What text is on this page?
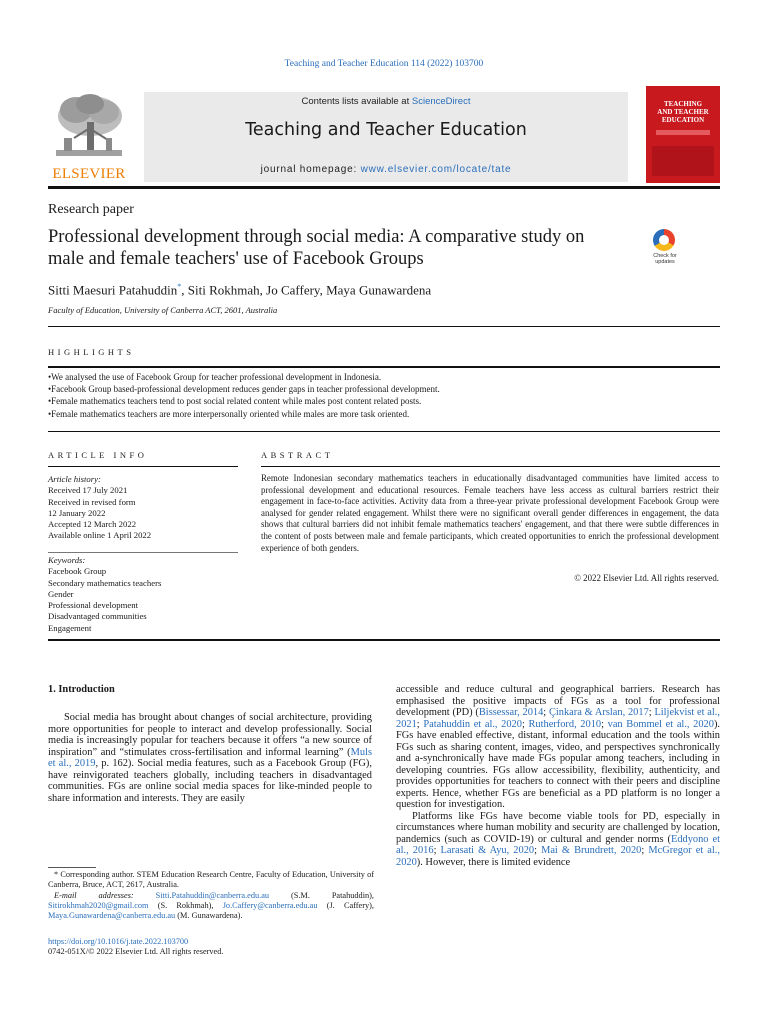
Teaching and Teacher Education 114 (2022) 103700
ELSEVIER
Contents lists available at ScienceDirect
Teaching and Teacher Education
journal homepage: www.elsevier.com/locate/tate
TEACHING
AND TEACHER
EDUCATION
Research paper
Professional development through social media: A comparative study on male and female teachers' use of Facebook Groups	Check for updates
Sitti Maesuri Patahuddin*, Siti Rokhmah, Jo Caffery, Maya Gunawardena
Faculty of Education, University of Canberra ACT, 2601, Australia
HIGHLIGHTS
• We analysed the use of Facebook Group for teacher professional development in Indonesia.
• Facebook Group based-professional development reduces gender gaps in teacher professional development.
• Female mathematics teachers tend to post social related content while males post content related posts.
• Female mathematics teachers are more interpersonally oriented while males are more task oriented.
ARTICLE INFO	ABSTRACT
Article history:
Received 17 July 2021
Received in revised form
12 January 2022
Accepted 12 March 2022
Available online 1 April 2022
Keywords:
Facebook Group
Secondary mathematics teachers
Gender
Professional development
Disadvantaged communities
Engagement
Remote Indonesian secondary mathematics teachers in educationally disadvantaged communities have limited access to professional development and educational resources. Female teachers have less access as cultural barriers restrict their engagement in face-to-face activities. Activity data from a three-year private professional development Facebook Group were analysed for gender related engagement. Whilst there were no significant overall gender differences in engagement, the data shows that cultural barriers did not inhibit female mathematics teachers' engagement, and that there were subtle differences in the content of posts between male and female participants, which created opportunities to enrich the professional development experience of both genders.
© 2022 Elsevier Ltd. All rights reserved.
1. Introduction

Social media has brought about changes of social architecture, providing more opportunities for people to interact and develop professionally. Social media is increasingly popular for teachers because it offers “a new source of inspiration” and “stimulates cross-fertilisation and informal learning” (Muls et al., 2019, p. 162). Social media features, such as a Facebook Group (FG), have reinvigorated teachers globally, including teachers in disadvantaged communities. FGs are online social media spaces for like-minded people to share information and interests. They are easily

accessible and reduce cultural and geographical barriers. Research has emphasised the positive impacts of FGs as a tool for professional development (PD) (Bissessar, 2014; Çinkara & Arslan, 2017; Liljekvist et al., 2021; Patahuddin et al., 2020; Rutherford, 2010; van Bommel et al., 2020). FGs have enabled effective, distant, informal education and the tools within FGs such as sharing content, images, video, and perspectives synchronically and a-synchronically have made FGs popular among teachers, including in developing countries. FGs allow accessibility, flexibility, authenticity, and provides opportunities for teachers to connect with their peers and discipline experts. Hence, whether FGs are beneficial as a PD platform is no longer a question for investigation.

Platforms like FGs have become viable tools for PD, especially in circumstances where human mobility and security are challenged by location, pandemics (such as COVID-19) or cultural and gender norms (Eddyono et al., 2016; Larasati & Ayu, 2020; Mai & Brundrett, 2020; McGregor et al., 2020). However, there is limited evidence

* Corresponding author. STEM Education Research Centre, Faculty of Education, University of Canberra, Bruce, ACT, 2617, Australia.
E-mail addresses:	Sitti.Patahuddin@canberra.edu.au	(S.M. Patahuddin), Sitirokhmah2020@gmail.com (S. Rokhmah), Jo.Caffery@canberra.edu.au (J. Caffery), Maya.Gunawardena@canberra.edu.au (M. Gunawardena).
https://doi.org/10.1016/j.tate.2022.103700
0742-051X/© 2022 Elsevier Ltd. All rights reserved.
